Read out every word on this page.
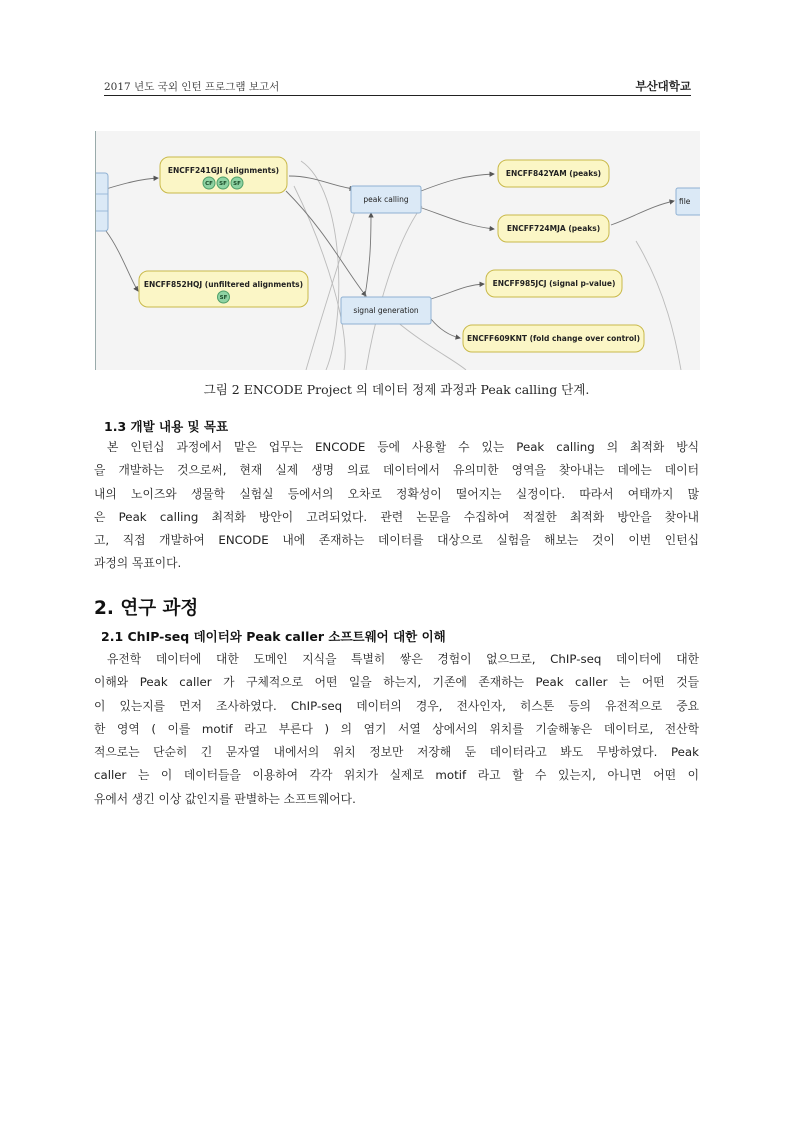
2017 년도 국외 인턴 프로그램 보고서	부산대학교
ENCFF241GJI (alignments)
CF SF SF
ENCFF852HQJ (unfiltered alignments)
SF
peak calling
signal generation
ENCFF842YAM (peaks)
ENCFF724MJA (peaks)
ENCFF985JCJ (signal p-value)
ENCFF609KNT (fold change over control)
file
그림 2 ENCODE Project 의 데이터 정제 과정과 Peak calling 단계.
1.3 개발 내용 및 목표
본 인턴십 과정에서 맡은 업무는 ENCODE 등에 사용할 수 있는 Peak calling 의 최적화 방식
을 개발하는 것으로써, 현재 실제 생명 의료 데이터에서 유의미한 영역을 찾아내는 데에는 데이터
내의 노이즈와 생물학 실험실 등에서의 오차로 정확성이 떨어지는 실정이다. 따라서 여태까지 많
은 Peak calling 최적화 방안이 고려되었다. 관련 논문을 수집하여 적절한 최적화 방안을 찾아내
고, 직접 개발하여 ENCODE 내에 존재하는 데이터를 대상으로 실험을 해보는 것이 이번 인턴십
과정의 목표이다.
2. 연구 과정
2.1 ChIP-seq 데이터와 Peak caller 소프트웨어 대한 이해
유전학 데이터에 대한 도메인 지식을 특별히 쌓은 경험이 없으므로, ChIP-seq 데이터에 대한
이해와 Peak caller 가 구체적으로 어떤 일을 하는지, 기존에 존재하는 Peak caller 는 어떤 것들
이 있는지를 먼저 조사하였다. ChIP-seq 데이터의 경우, 전사인자, 히스톤 등의 유전적으로 중요
한 영역 ( 이를 motif 라고 부른다 ) 의 염기 서열 상에서의 위치를 기술해놓은 데이터로, 전산학
적으로는 단순히 긴 문자열 내에서의 위치 정보만 저장해 둔 데이터라고 봐도 무방하였다. Peak
caller 는 이 데이터들을 이용하여 각각 위치가 실제로 motif 라고 할 수 있는지, 아니면 어떤 이
유에서 생긴 이상 값인지를 판별하는 소프트웨어다.
